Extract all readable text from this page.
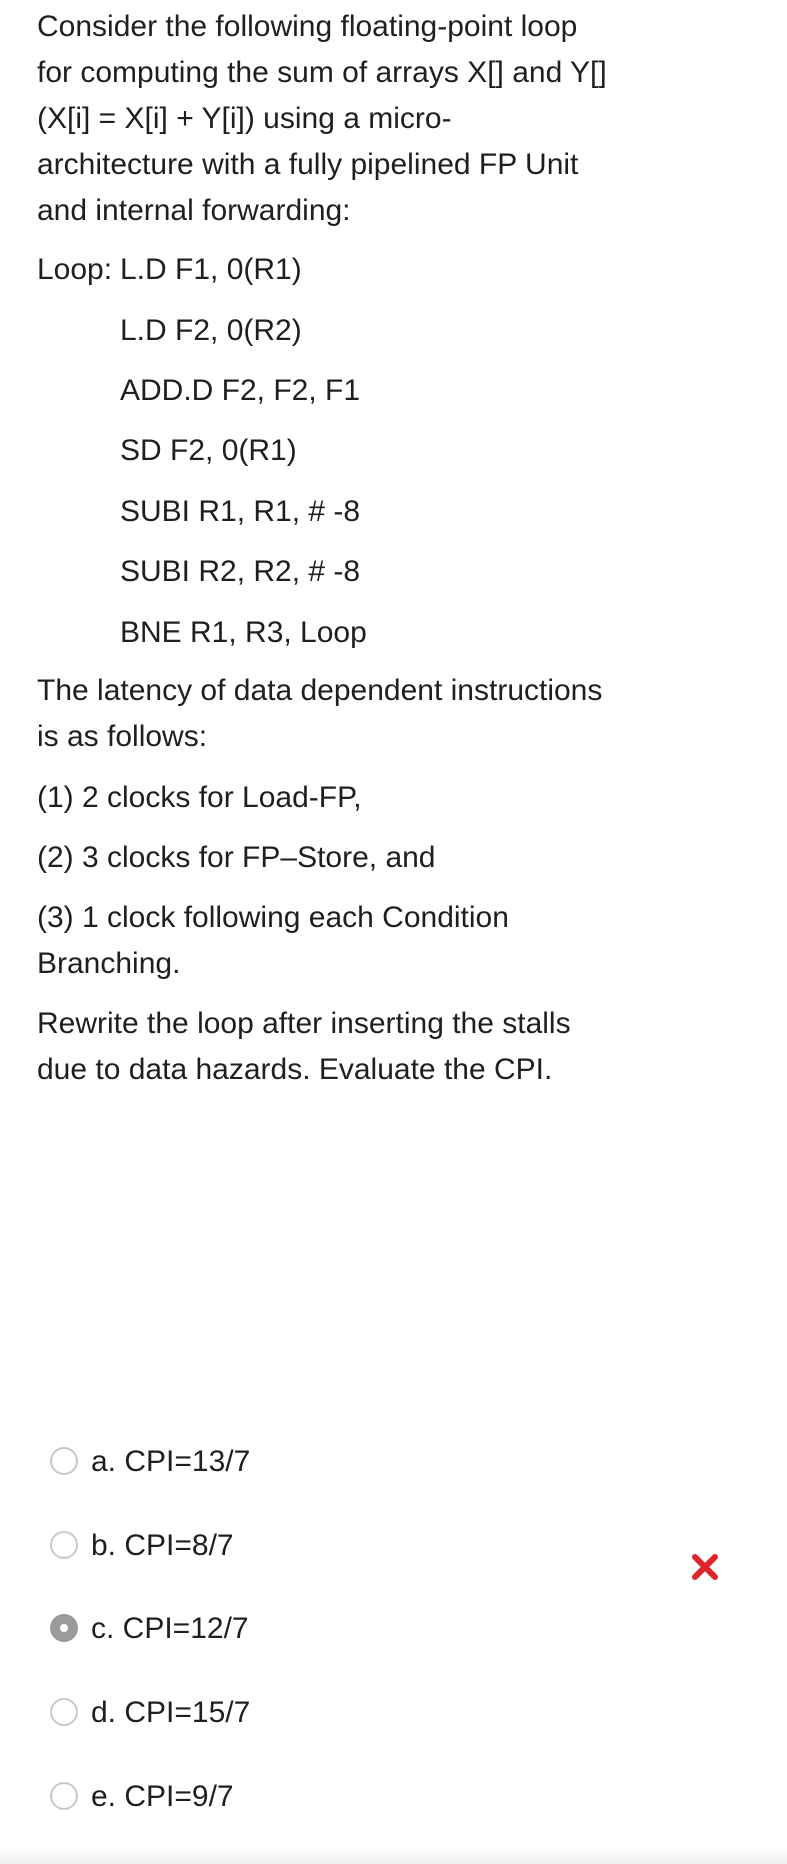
Consider the following floating-point loop

for computing the sum of arrays X[] and Y[]

(X[i] = X[i] + Y[i]) using a micro-

architecture with a fully pipelined FP Unit

and internal forwarding:

Loop: L.D F1, 0(R1)
L.D F2, 0(R2)
ADD.D F2, F2, F1
SD F2, 0(R1)
SUBI R1, R1, # -8
SUBI R2, R2, # -8
BNE R1, R3, Loop

The latency of data dependent instructions

is as follows:

(1) 2 clocks for Load-FP,

(2) 3 clocks for FP–Store, and

(3) 1 clock following each Condition

Branching.

Rewrite the loop after inserting the stalls

due to data hazards. Evaluate the CPI.

a. CPI=13/7
b. CPI=8/7
c. CPI=12/7
d. CPI=15/7
e. CPI=9/7
